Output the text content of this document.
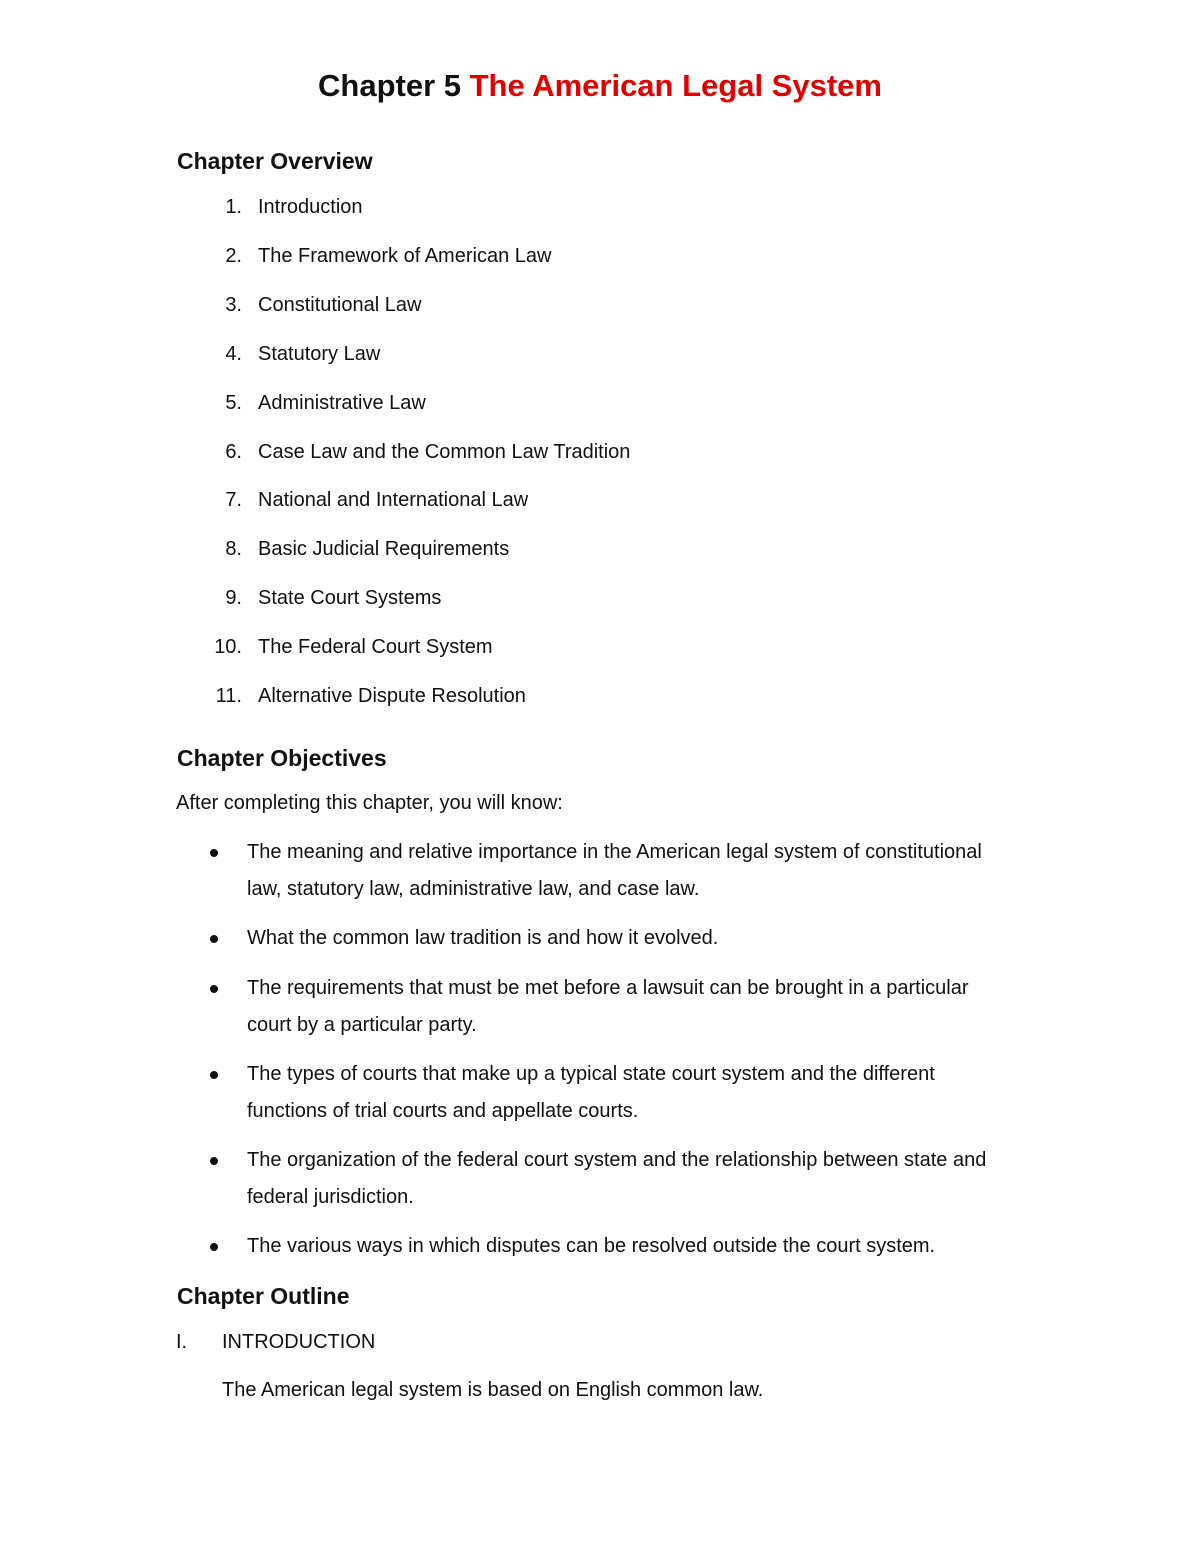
Chapter 5 The American Legal System
Chapter Overview
1. Introduction
2. The Framework of American Law
3. Constitutional Law
4. Statutory Law
5. Administrative Law
6. Case Law and the Common Law Tradition
7. National and International Law
8. Basic Judicial Requirements
9. State Court Systems
10. The Federal Court System
11. Alternative Dispute Resolution
Chapter Objectives
After completing this chapter, you will know:
The meaning and relative importance in the American legal system of constitutional law, statutory law, administrative law, and case law.
What the common law tradition is and how it evolved.
The requirements that must be met before a lawsuit can be brought in a particular court by a particular party.
The types of courts that make up a typical state court system and the different functions of trial courts and appellate courts.
The organization of the federal court system and the relationship between state and federal jurisdiction.
The various ways in which disputes can be resolved outside the court system.
Chapter Outline
I. INTRODUCTION
The American legal system is based on English common law.
